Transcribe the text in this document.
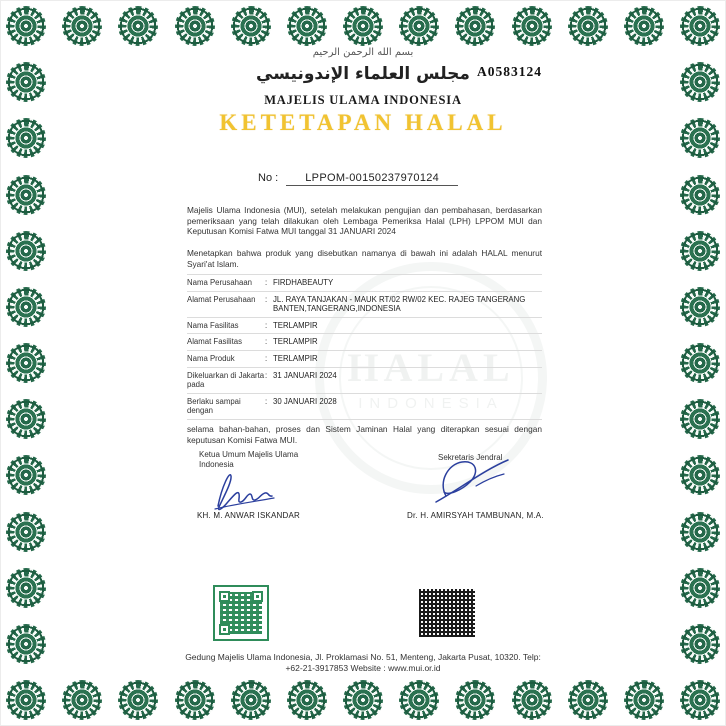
HALAL
INDONESIA
بسم الله الرحمن الرحيم
A0583124
مجلس العلماء الإندونيسي
MAJELIS ULAMA INDONESIA
KETETAPAN HALAL
No : LPPOM-00150237970124

Majelis Ulama Indonesia (MUI), setelah melakukan pengujian dan pembahasan, berdasarkan pemeriksaan yang telah dilakukan oleh Lembaga Pemeriksa Halal (LPH) LPPOM MUI dan Keputusan Komisi Fatwa MUI tanggal 31 JANUARI 2024

Menetapkan bahwa produk yang disebutkan namanya di bawah ini adalah HALAL menurut Syari'at Islam.

Nama Perusahaan	: FIRDHABEAUTY
Alamat Perusahaan	: JL. RAYA TANJAKAN - MAUK RT/02 RW/02 KEC. RAJEG TANGERANG BANTEN,TANGERANG,INDONESIA
Nama Fasilitas	: TERLAMPIR
Alamat Fasilitas	: TERLAMPIR
Nama Produk	: TERLAMPIR
Dikeluarkan di Jakarta pada
: 31 JANUARI 2024
Berlaku sampai dengan
: 30 JANUARI 2028

selama bahan-bahan, proses dan Sistem Jaminan Halal yang diterapkan sesuai dengan keputusan Komisi Fatwa MUI.

Ketua Umum Majelis Ulama Indonesia
Sekretaris Jendral
KH. M. ANWAR ISKANDAR	Dr. H. AMIRSYAH TAMBUNAN, M.A.
Gedung Majelis Ulama Indonesia, Jl. Proklamasi No. 51, Menteng, Jakarta Pusat, 10320. Telp:
+62-21-3917853 Website : www.mui.or.id
